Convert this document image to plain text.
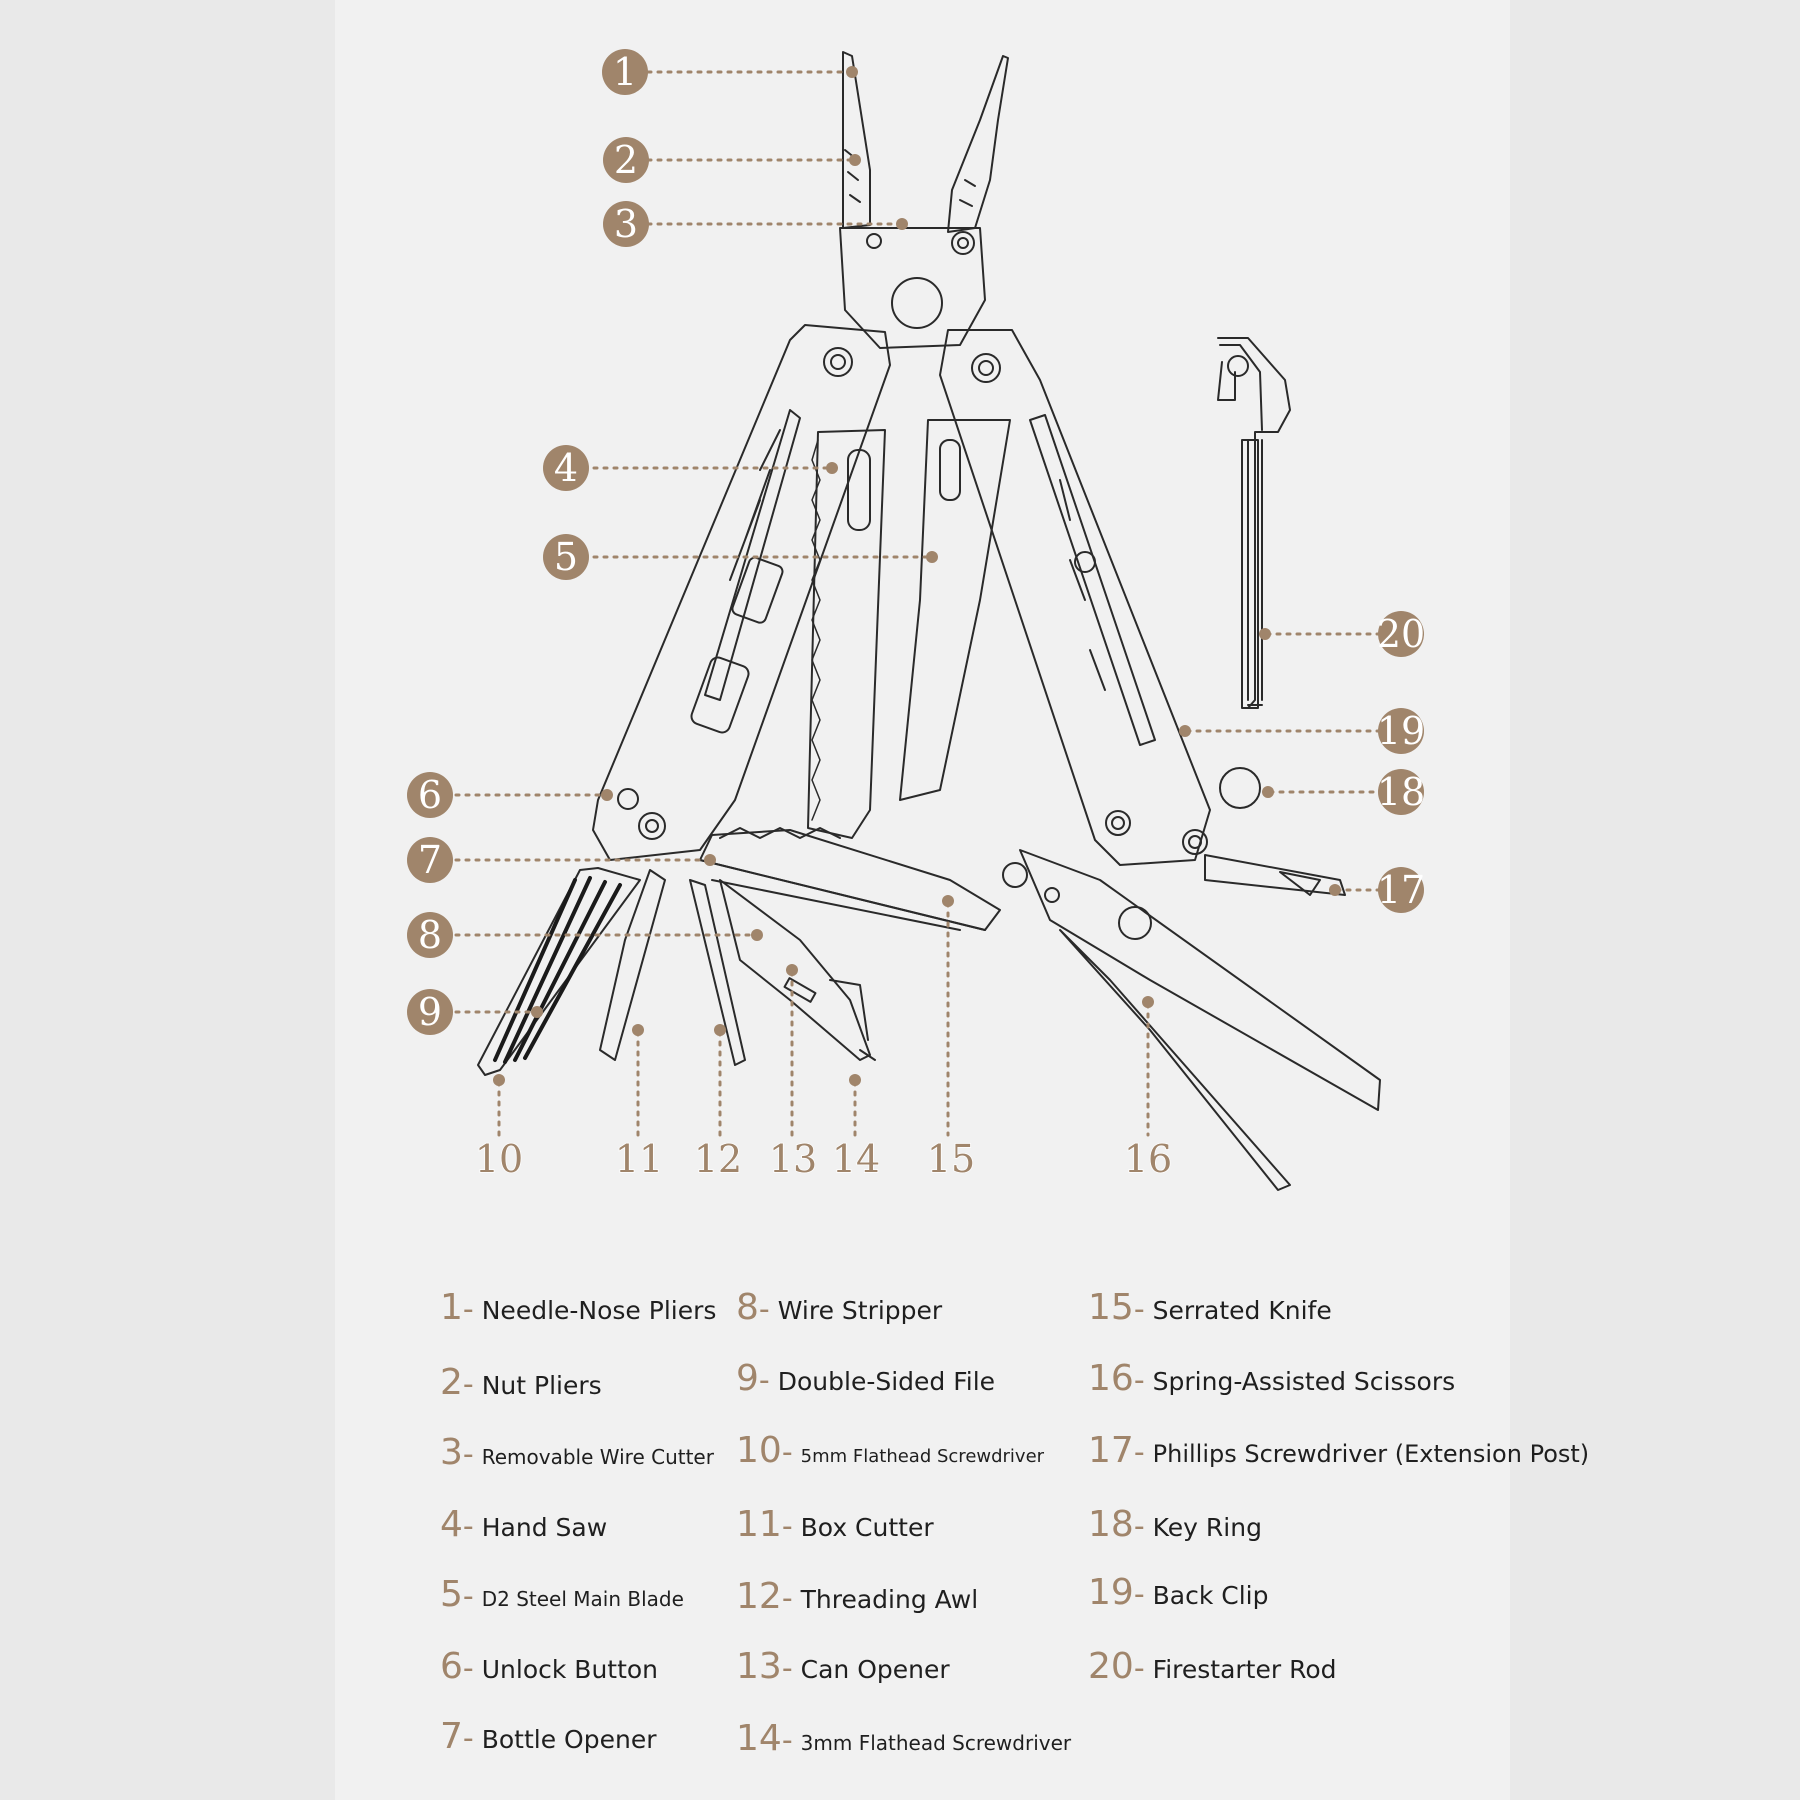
1
2
3
4
5
6
7
8
9
20
19
18
17
10 11 12 13 14 15	16
1 - Needle-Nose Pliers
2 - Nut Pliers
3 - Removable Wire Cutter
4 - Hand Saw
5 - D2 Steel Main Blade
6 - Unlock Button
7 - Bottle Opener
8 - Wire Stripper
9 - Double-Sided File
10 - 5mm Flathead Screwdriver
11 - Box Cutter
12 - Threading Awl
13 - Can Opener
14 - 3mm Flathead Screwdriver
15 - Serrated Knife
16 - Spring-Assisted Scissors
17 - Phillips Screwdriver (Extension Post)
18 - Key Ring
19 - Back Clip
20 - Firestarter Rod
